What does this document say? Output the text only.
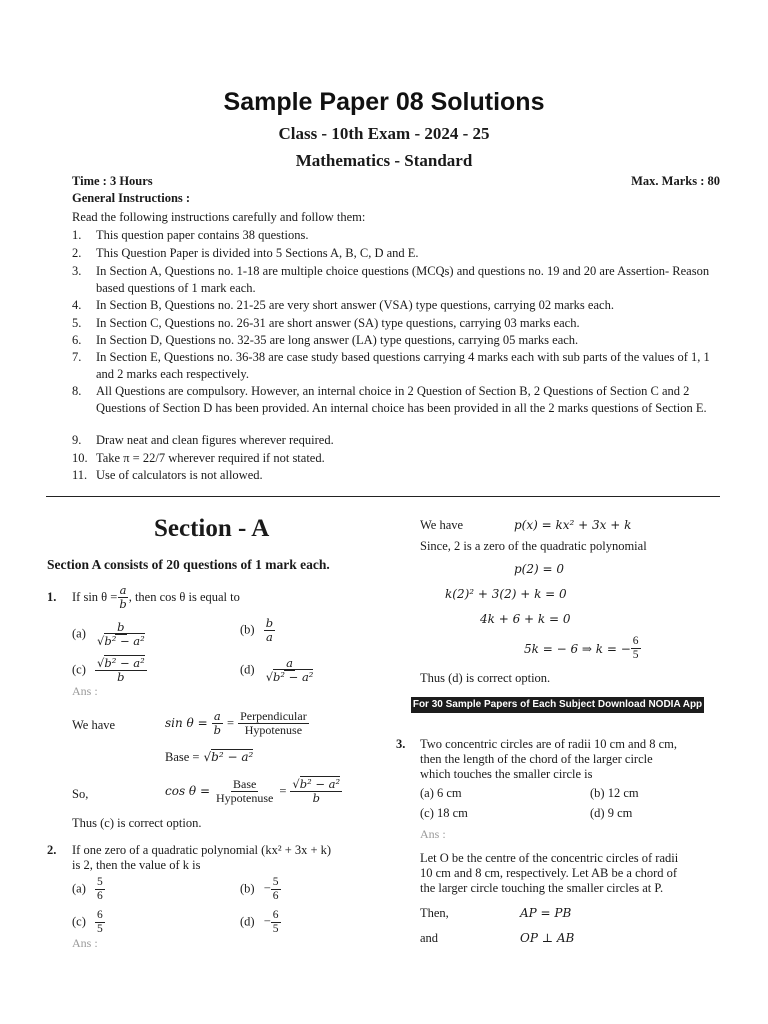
Sample Paper 08 Solutions
Class - 10th Exam - 2024 - 25
Mathematics - Standard
Time : 3 Hours	Max. Marks : 80
General Instructions :
Read the following instructions carefully and follow them:
1.	This question paper contains 38 questions.
2.	This Question Paper is divided into 5 Sections A, B, C, D and E.
3.	In Section A, Questions no. 1-18 are multiple choice questions (MCQs) and questions no. 19 and 20 are Assertion- Reason based questions of 1 mark each.
4.	In Section B, Questions no. 21-25 are very short answer (VSA) type questions, carrying 02 marks each.
5.	In Section C, Questions no. 26-31 are short answer (SA) type questions, carrying 03 marks each.
6.	In Section D, Questions no. 32-35 are long answer (LA) type questions, carrying 05 marks each.
7.	In Section E, Questions no. 36-38 are case study based questions carrying 4 marks each with sub parts of the values of 1, 1 and 2 marks each respectively.
8.	All Questions are compulsory. However, an internal choice in 2 Question of Section B, 2 Questions of Section C and 2 Questions of Section D has been provided. An internal choice has been provided in all the 2 marks questions of Section E.
9.	Draw neat and clean figures wherever required.
10. Take π = 22/7 wherever required if not stated.
11. Use of calculators is not allowed.
Section - A
Section A consists of 20 questions of 1 mark each.
1. If $\sin \theta = \frac{a}{b}$ , then cos θ is equal to
$(a) \frac{b}{\text{√b² − a²}}$	$(b) \frac{b}{a}$
$(c) \frac{\text{√b² − a²}}{b}$	$(d) \frac{a}{\text{√b² − a²}}$
Ans :
We have	$\sin \theta = \frac{a}{b} = \frac{\text{Perpendicular}}{\text{Hypotenuse}}$
Base = √b² − a²
So,	$\cos \theta = \frac{\text{Base}}{\text{Hypotenuse}} = \frac{\text{√b² − a²}}{b}$
Thus (c) is correct option.
2. If one zero of a quadratic polynomial (kx² + 3x + k)
is 2, then the value of k is
$(a) \frac{5}{6}$	$(b) - \frac{5}{6}$
$(c) \frac{6}{5}$	$(d) - \frac{6}{5}$
Ans :
We have	p(x) = kx² + 3x + k
Since, 2 is a zero of the quadratic polynomial
p(2) = 0
k(2)² + 3(2) + k = 0
4k + 6 + k = 0
5k = − 6 ⇒ k = − $\frac{6}{5}$
Thus (d) is correct option.
For 30 Sample Papers of Each Subject Download NODIA App
3. Two concentric circles are of radii 10 cm and 8 cm,
then the length of the chord of the larger circle
which touches the smaller circle is
(a) 6 cm	(b) 12 cm
(c) 18 cm	(d) 9 cm
Ans :
Let O be the centre of the concentric circles of radii
10 cm and 8 cm, respectively. Let AB be a chord of
the larger circle touching the smaller circles at P.
Then,	AP = PB
and	OP ⊥ AB
